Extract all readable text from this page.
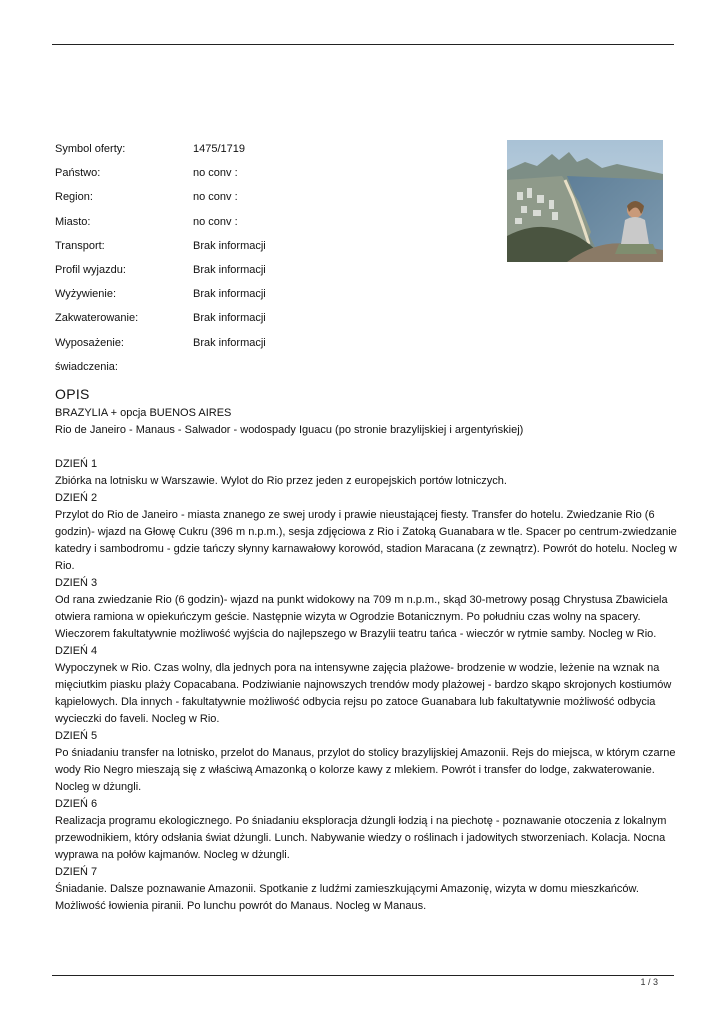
Symbol oferty:	1475/1719
Państwo:	no conv :
Region:	no conv :
Miasto:	no conv :
Transport:	Brak informacji
Profil wyjazdu:	Brak informacji
Wyżywienie:	Brak informacji
Zakwaterowanie:	Brak informacji
Wyposażenie:	Brak informacji
świadczenia:
OPIS

BRAZYLIA + opcja BUENOS AIRES

Rio de Janeiro - Manaus - Salwador - wodospady Iguacu (po stronie brazylijskiej i argentyńskiej)

DZIEŃ 1

Zbiórka na lotnisku w Warszawie. Wylot do Rio przez jeden z europejskich portów lotniczych.

DZIEŃ 2

Przylot do Rio de Janeiro - miasta znanego ze swej urody i prawie nieustającej fiesty. Transfer do hotelu. Zwiedzanie Rio (6 godzin)- wjazd na Głowę Cukru (396 m n.p.m.), sesja zdjęciowa z Rio i Zatoką Guanabara w tle. Spacer po centrum-zwiedzanie katedry i sambodromu - gdzie tańczy słynny karnawałowy korowód, stadion Maracana (z zewnątrz). Powrót do hotelu. Nocleg w Rio.

DZIEŃ 3

Od rana zwiedzanie Rio (6 godzin)- wjazd na punkt widokowy na 709 m n.p.m., skąd 30-metrowy posąg Chrystusa Zbawiciela otwiera ramiona w opiekuńczym geście. Następnie wizyta w Ogrodzie Botanicznym. Po południu czas wolny na spacery. Wieczorem fakultatywnie możliwość wyjścia do najlepszego w Brazylii teatru tańca - wieczór w rytmie samby. Nocleg w Rio.

DZIEŃ 4

Wypoczynek w Rio. Czas wolny, dla jednych pora na intensywne zajęcia plażowe- brodzenie w wodzie, leżenie na wznak na mięciutkim piasku plaży Copacabana. Podziwianie najnowszych trendów mody plażowej - bardzo skąpo skrojonych kostiumów kąpielowych. Dla innych - fakultatywnie możliwość odbycia rejsu po zatoce Guanabara lub fakultatywnie możliwość odbycia wycieczki do faveli. Nocleg w Rio.

DZIEŃ 5

Po śniadaniu transfer na lotnisko, przelot do Manaus, przylot do stolicy brazylijskiej Amazonii. Rejs do miejsca, w którym czarne wody Rio Negro mieszają się z właściwą Amazonką o kolorze kawy z mlekiem. Powrót i transfer do lodge, zakwaterowanie. Nocleg w dżungli.

DZIEŃ 6

Realizacja programu ekologicznego. Po śniadaniu eksploracja dżungli łodzią i na piechotę - poznawanie otoczenia z lokalnym przewodnikiem, który odsłania świat dżungli. Lunch. Nabywanie wiedzy o roślinach i jadowitych stworzeniach. Kolacja. Nocna wyprawa na połów kajmanów. Nocleg w dżungli.

DZIEŃ 7

Śniadanie. Dalsze poznawanie Amazonii. Spotkanie z ludźmi zamieszkującymi Amazonię, wizyta w domu mieszkańców. Możliwość łowienia piranii. Po lunchu powrót do Manaus. Nocleg w Manaus.

1 / 3
